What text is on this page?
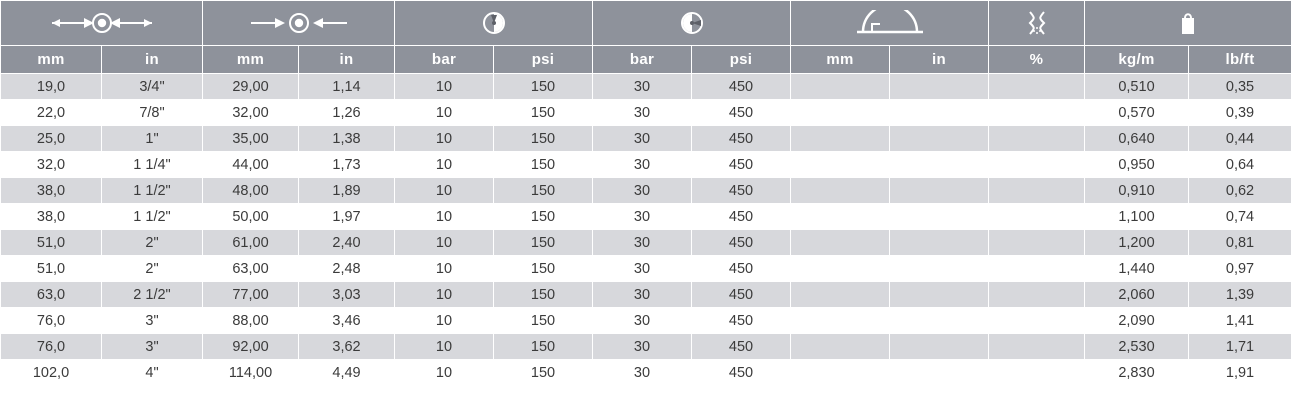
mm	in	mm	in	bar	psi	bar	psi	mm	in	%	kg/m	lb/ft
19,0	3/4"	29,00	1,14	10	150	30	450				0,510	0,35
22,0	7/8"	32,00	1,26	10	150	30	450				0,570	0,39
25,0	1"	35,00	1,38	10	150	30	450				0,640	0,44
32,0	1 1/4"	44,00	1,73	10	150	30	450				0,950	0,64
38,0	1 1/2"	48,00	1,89	10	150	30	450				0,910	0,62
38,0	1 1/2"	50,00	1,97	10	150	30	450				1,100	0,74
51,0	2"	61,00	2,40	10	150	30	450				1,200	0,81
51,0	2"	63,00	2,48	10	150	30	450				1,440	0,97
63,0	2 1/2"	77,00	3,03	10	150	30	450				2,060	1,39
76,0	3"	88,00	3,46	10	150	30	450				2,090	1,41
76,0	3"	92,00	3,62	10	150	30	450				2,530	1,71
102,0	4"	114,00	4,49	10	150	30	450				2,830	1,91
